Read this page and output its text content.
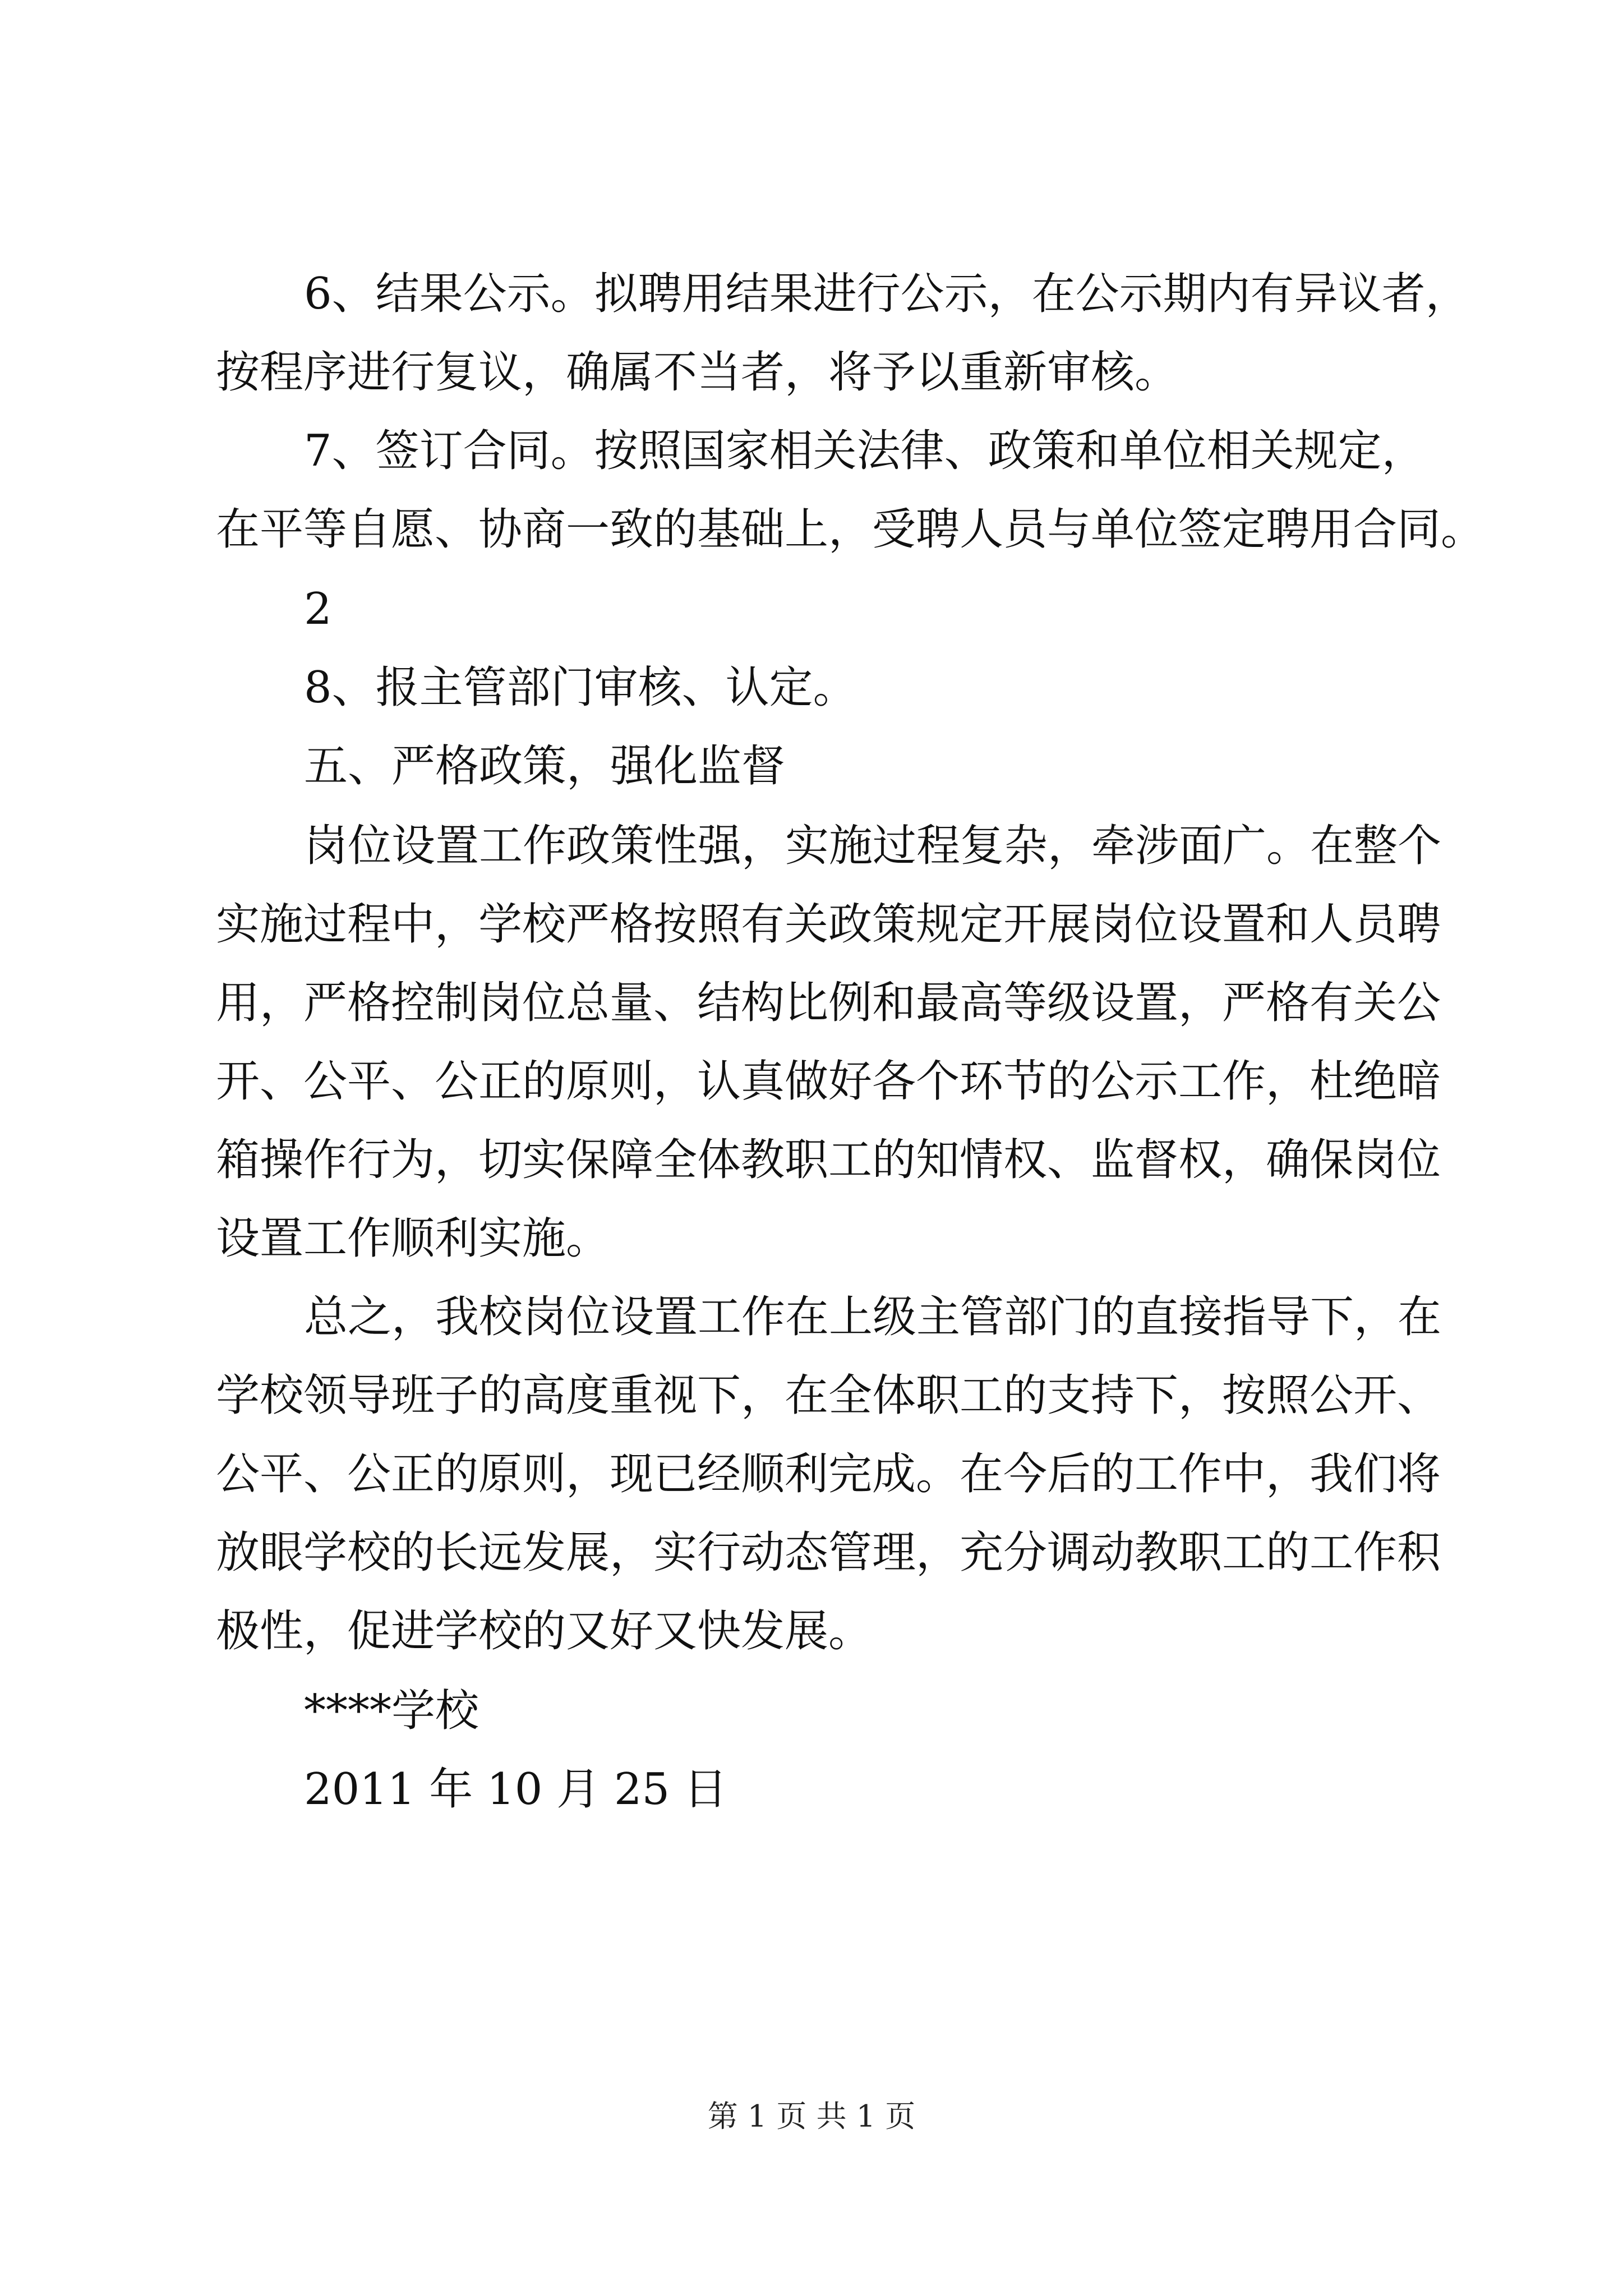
6、结果公示。拟聘用结果进行公示，在公示期内有异议者，
按程序进行复议，确属不当者，将予以重新审核。
7、签订合同。按照国家相关法律、政策和单位相关规定，
在平等自愿、协商一致的基础上，受聘人员与单位签定聘用合同。
2
8、报主管部门审核、认定。
五、严格政策，强化监督
岗位设置工作政策性强，实施过程复杂，牵涉面广。在整个
实施过程中，学校严格按照有关政策规定开展岗位设置和人员聘
用，严格控制岗位总量、结构比例和最高等级设置，严格有关公
开、公平、公正的原则，认真做好各个环节的公示工作，杜绝暗
箱操作行为，切实保障全体教职工的知情权、监督权，确保岗位
设置工作顺利实施。
总之，我校岗位设置工作在上级主管部门的直接指导下，在
学校领导班子的高度重视下，在全体职工的支持下，按照公开、
公平、公正的原则，现已经顺利完成。在今后的工作中，我们将
放眼学校的长远发展，实行动态管理，充分调动教职工的工作积
极性，促进学校的又好又快发展。
****学校
2011 年 10 月 25 日
第 1 页 共 1 页
